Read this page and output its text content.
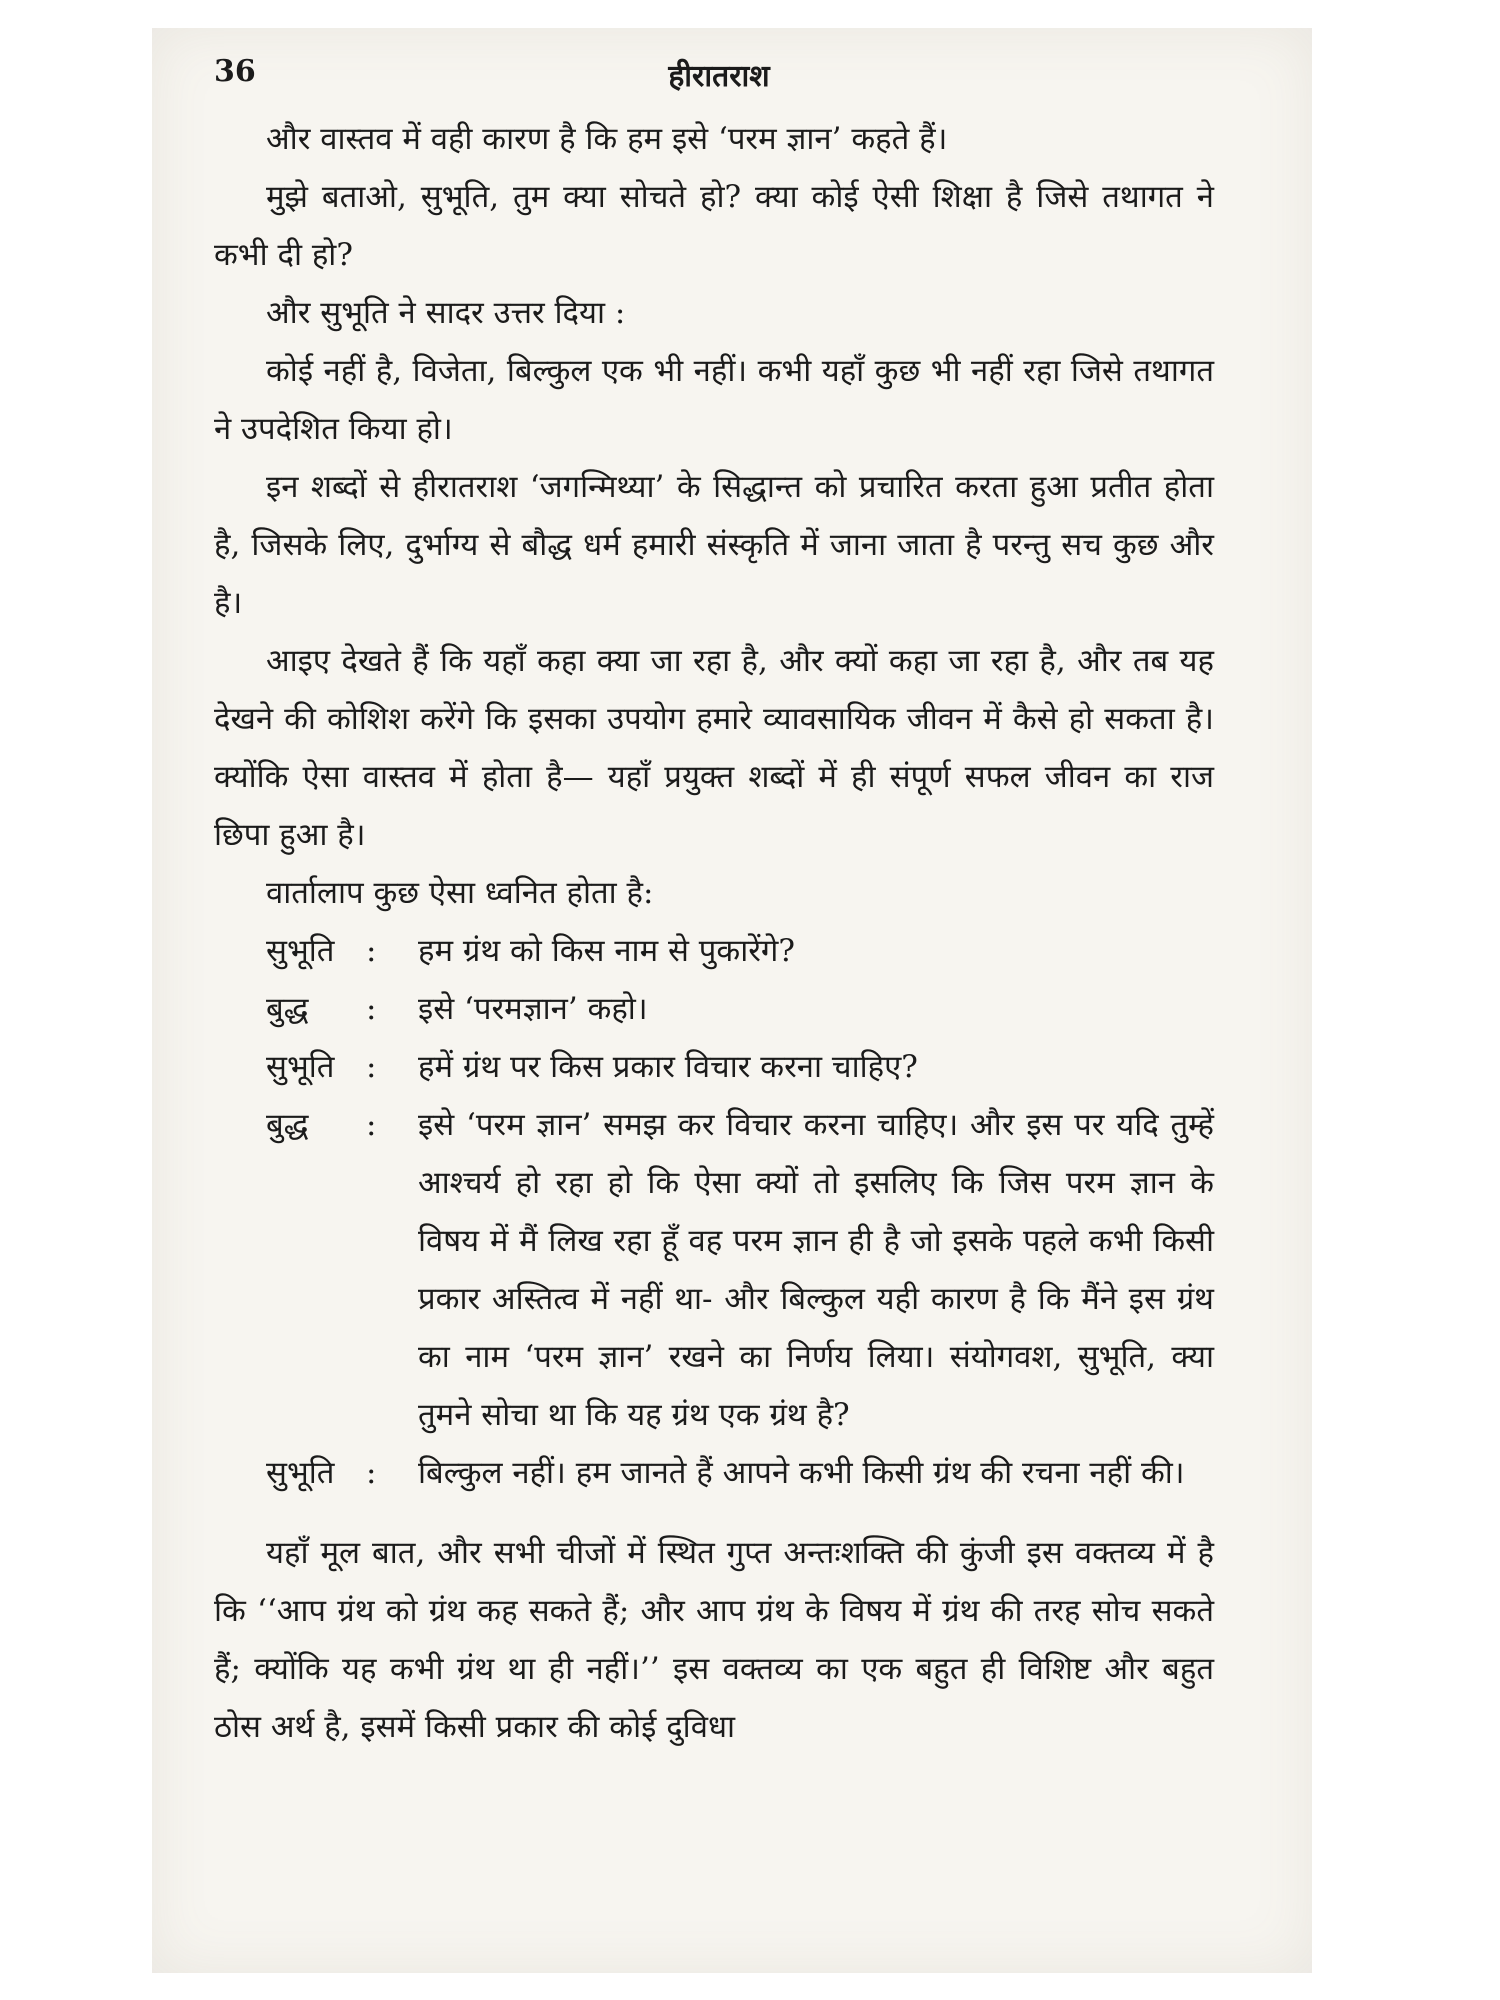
36	हीरातराश

और वास्तव में वही कारण है कि हम इसे ‘परम ज्ञान’ कहते हैं।

मुझे बताओ, सुभूति, तुम क्या सोचते हो? क्या कोई ऐसी शिक्षा है जिसे तथागत ने कभी दी हो?

और सुभूति ने सादर उत्तर दिया :

कोई नहीं है, विजेता, बिल्कुल एक भी नहीं। कभी यहाँ कुछ भी नहीं रहा जिसे तथागत ने उपदेशित किया हो।

इन शब्दों से हीरातराश ‘जगन्मिथ्या’ के सिद्धान्त को प्रचारित करता हुआ प्रतीत होता है, जिसके लिए, दुर्भाग्य से बौद्ध धर्म हमारी संस्कृति में जाना जाता है परन्तु सच कुछ और है।

आइए देखते हैं कि यहाँ कहा क्या जा रहा है, और क्यों कहा जा रहा है, और तब यह देखने की कोशिश करेंगे कि इसका उपयोग हमारे व्यावसायिक जीवन में कैसे हो सकता है। क्योंकि ऐसा वास्तव में होता है— यहाँ प्रयुक्त शब्दों में ही संपूर्ण सफल जीवन का राज छिपा हुआ है।

वार्तालाप कुछ ऐसा ध्वनित होता है:

सुभूति	:	हम ग्रंथ को किस नाम से पुकारेंगे?
बुद्ध	:	इसे ‘परमज्ञान’ कहो।
सुभूति	:	हमें ग्रंथ पर किस प्रकार विचार करना चाहिए?
बुद्ध	:	इसे ‘परम ज्ञान’ समझ कर विचार करना चाहिए। और इस पर यदि तुम्हें आश्चर्य हो रहा हो कि ऐसा क्यों तो इसलिए कि जिस परम ज्ञान के विषय में मैं लिख रहा हूँ वह परम ज्ञान ही है जो इसके पहले कभी किसी प्रकार अस्तित्व में नहीं था- और बिल्कुल यही कारण है कि मैंने इस ग्रंथ का नाम ‘परम ज्ञान’ रखने का निर्णय लिया। संयोगवश, सुभूति, क्या तुमने सोचा था कि यह ग्रंथ एक ग्रंथ है?
सुभूति	:	बिल्कुल नहीं। हम जानते हैं आपने कभी किसी ग्रंथ की रचना नहीं की।

यहाँ मूल बात, और सभी चीजों में स्थित गुप्त अन्तःशक्ति की कुंजी इस वक्तव्य में है कि ‘‘आप ग्रंथ को ग्रंथ कह सकते हैं; और आप ग्रंथ के विषय में ग्रंथ की तरह सोच सकते हैं; क्योंकि यह कभी ग्रंथ था ही नहीं।’’ इस वक्तव्य का एक बहुत ही विशिष्ट और बहुत ठोस अर्थ है, इसमें किसी प्रकार की कोई दुविधा
